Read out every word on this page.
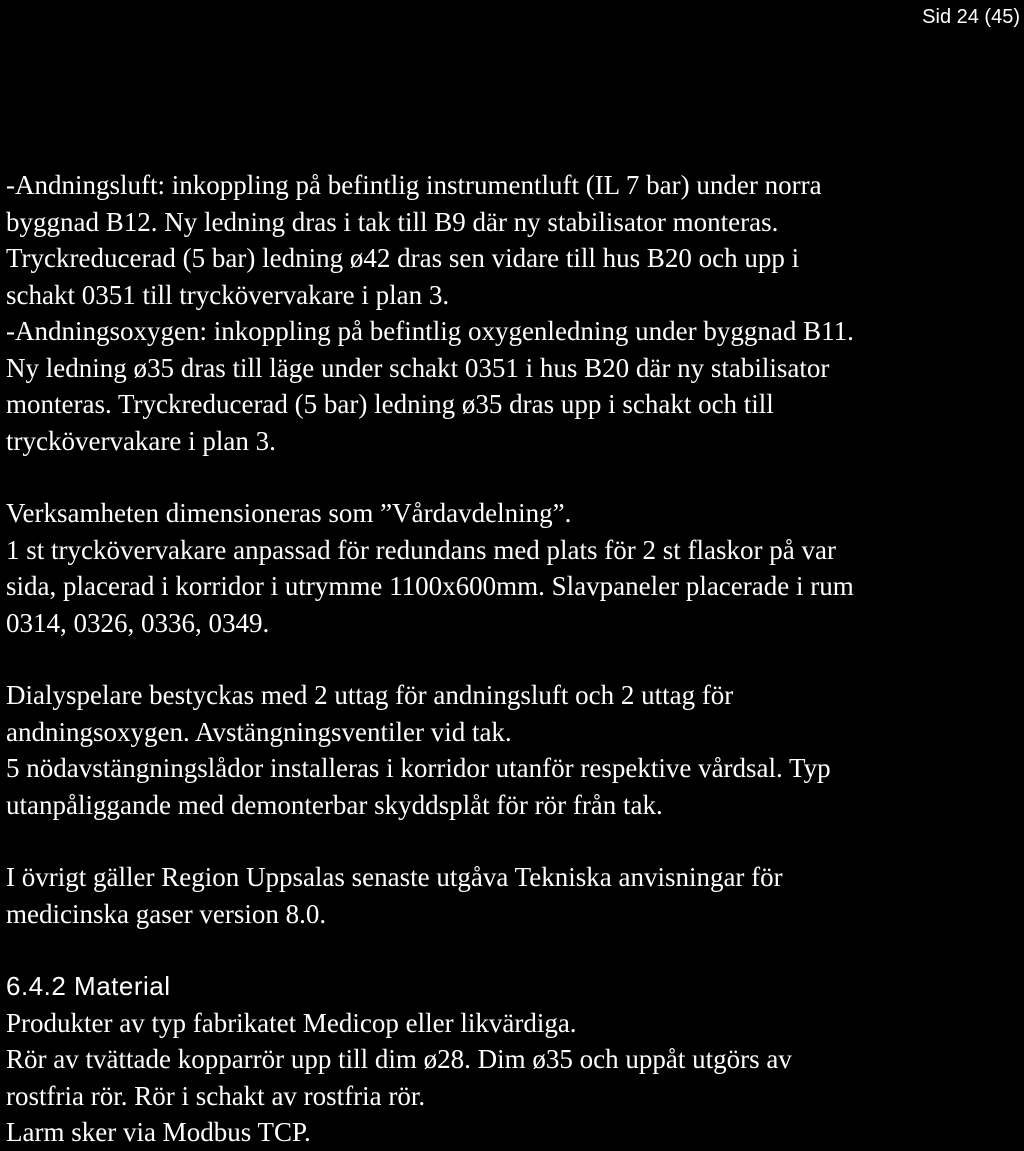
Sid 24 (45)

-Andningsluft: inkoppling på befintlig instrumentluft (IL 7 bar) under norra
byggnad B12. Ny ledning dras i tak till B9 där ny stabilisator monteras.
Tryckreducerad (5 bar) ledning ø42 dras sen vidare till hus B20 och upp i
schakt 0351 till tryckövervakare i plan 3.
-Andningsoxygen: inkoppling på befintlig oxygenledning under byggnad B11.
Ny ledning ø35 dras till läge under schakt 0351 i hus B20 där ny stabilisator
monteras. Tryckreducerad (5 bar) ledning ø35 dras upp i schakt och till
tryckövervakare i plan 3.

Verksamheten dimensioneras som ”Vårdavdelning”.
1 st tryckövervakare anpassad för redundans med plats för 2 st flaskor på var
sida, placerad i korridor i utrymme 1100x600mm. Slavpaneler placerade i rum
0314, 0326, 0336, 0349.

Dialyspelare bestyckas med 2 uttag för andningsluft och 2 uttag för
andningsoxygen. Avstängningsventiler vid tak.
5 nödavstängningslådor installeras i korridor utanför respektive vårdsal. Typ
utanpåliggande med demonterbar skyddsplåt för rör från tak.

I övrigt gäller Region Uppsalas senaste utgåva Tekniska anvisningar för
medicinska gaser version 8.0.

6.4.2 Material

Produkter av typ fabrikatet Medicop eller likvärdiga.
Rör av tvättade kopparrör upp till dim ø28. Dim ø35 och uppåt utgörs av
rostfria rör. Rör i schakt av rostfria rör.
Larm sker via Modbus TCP.
